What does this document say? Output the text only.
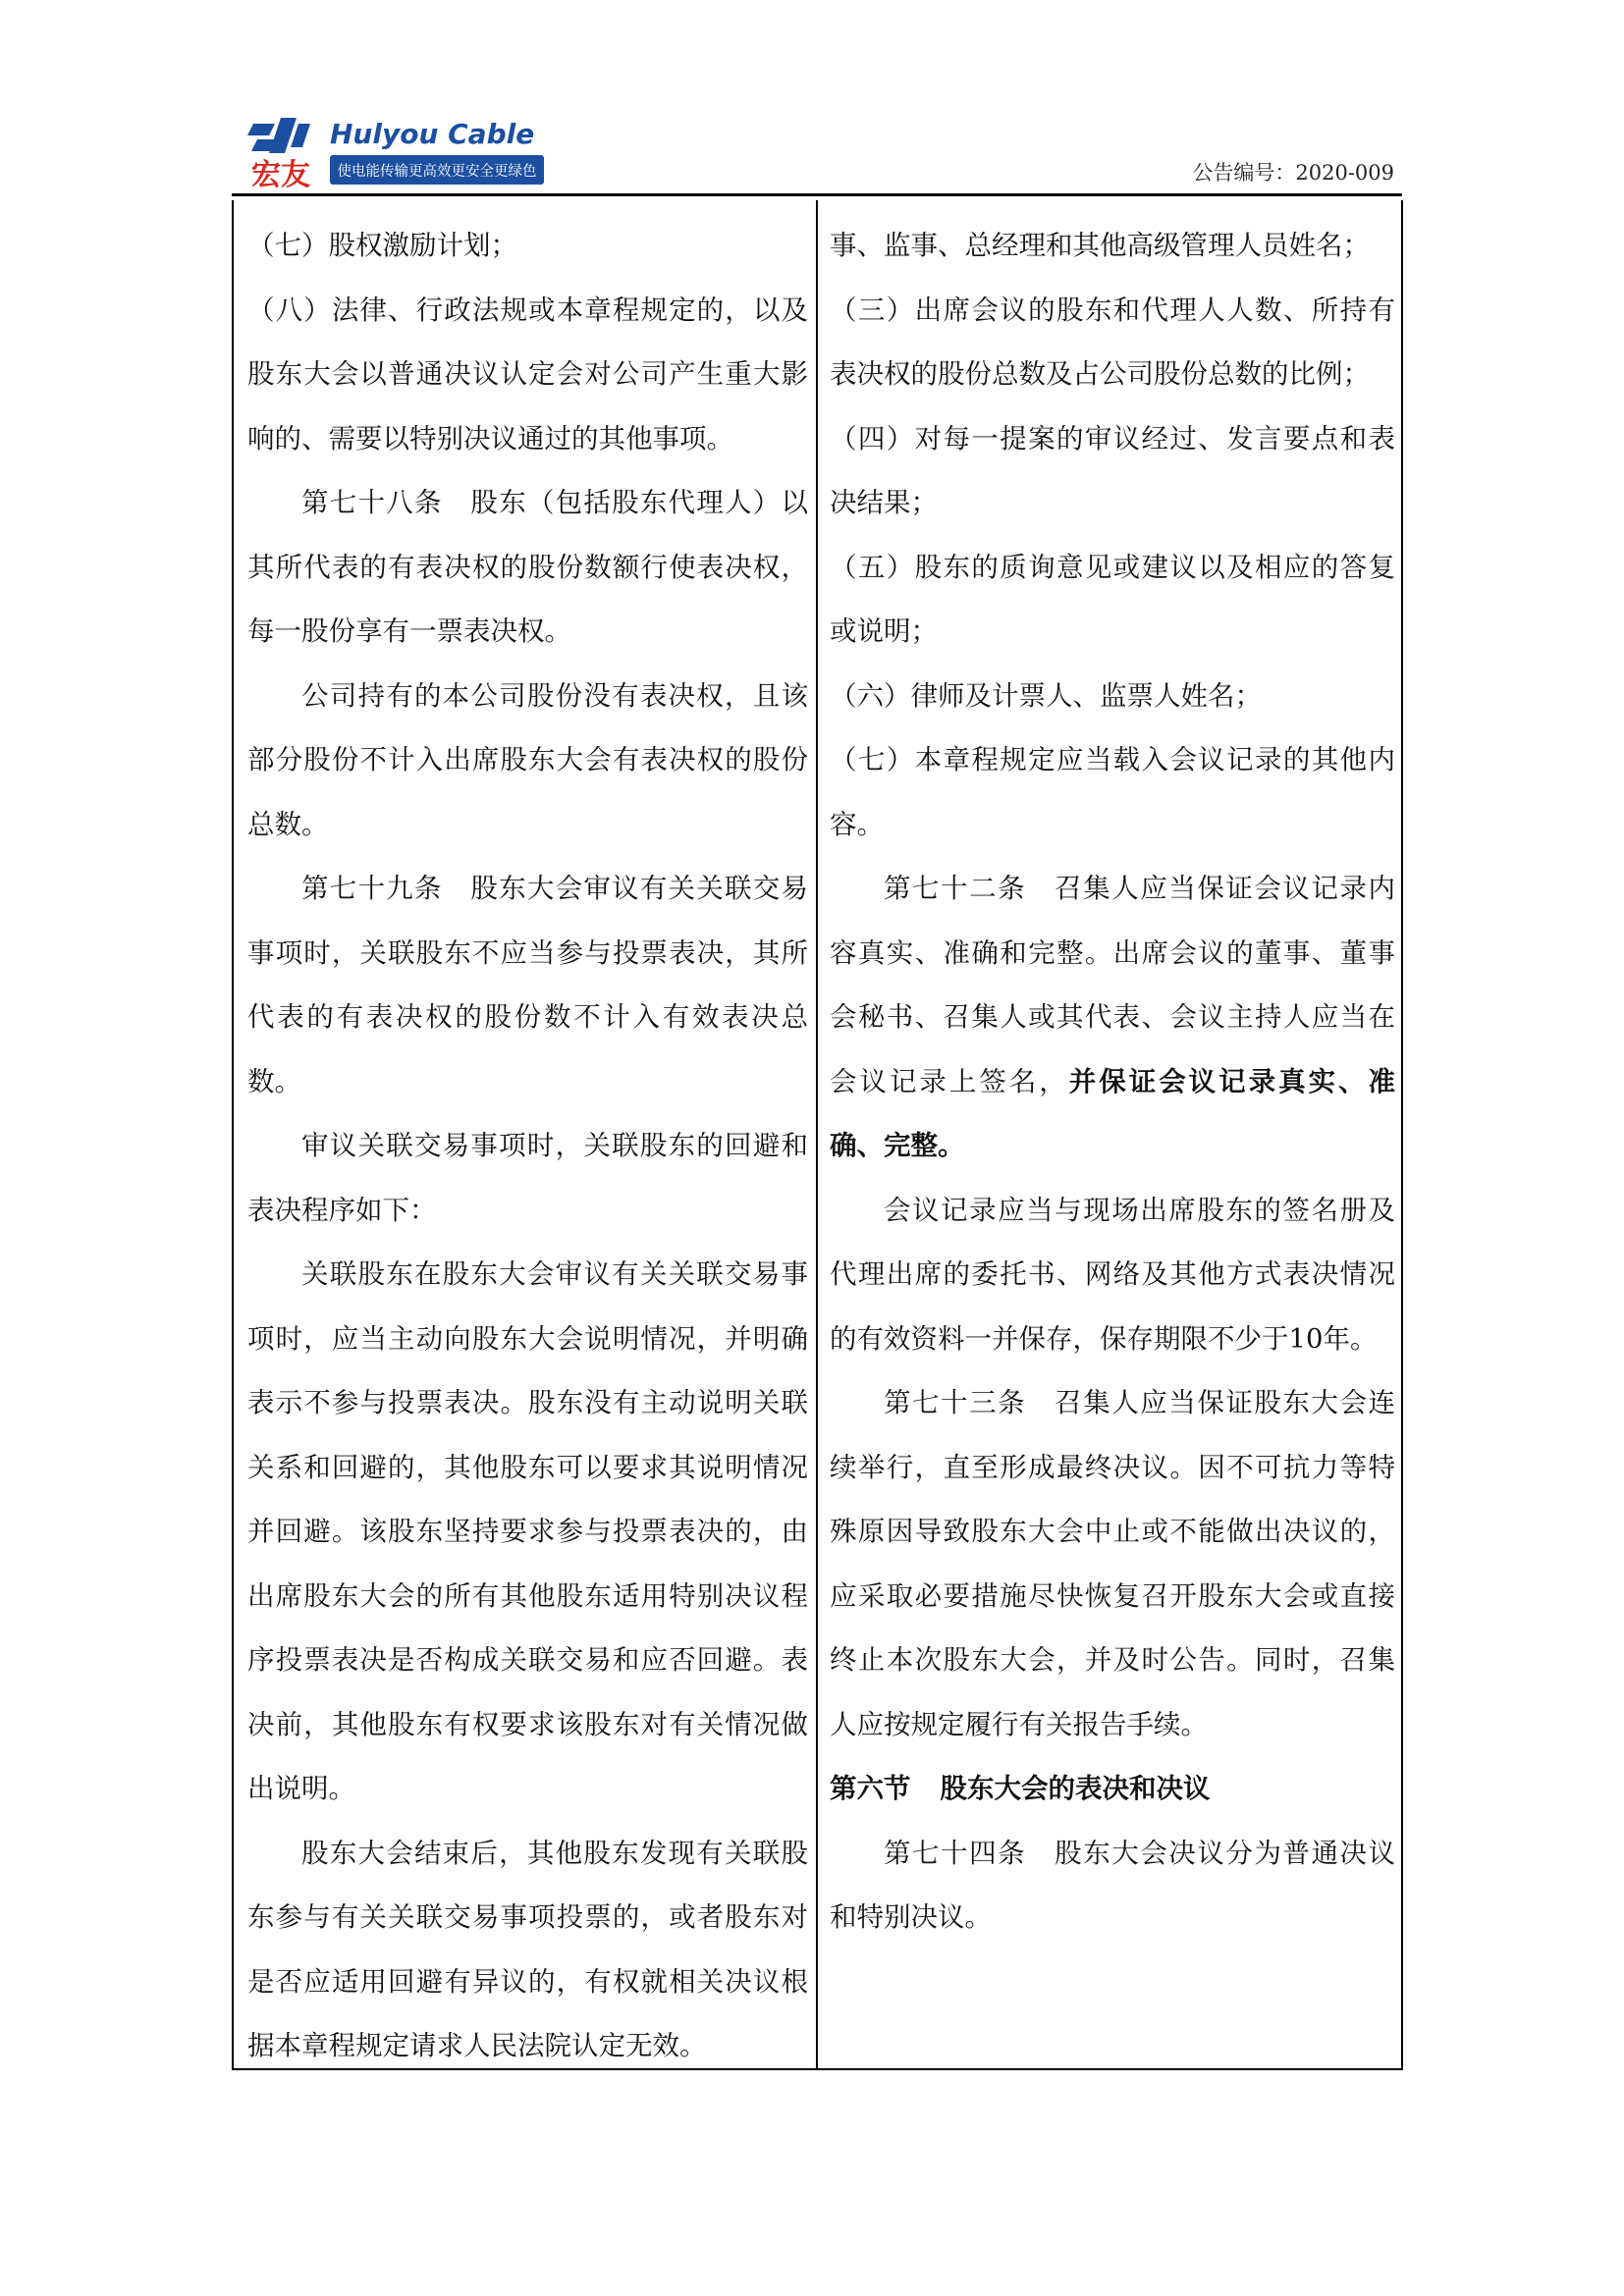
宏友
Hulyou Cable
使电能传输更高效更安全更绿色	公告编号：2020-009

（七）股权激励计划；

（八）法律、行政法规或本章程规定的，以及股东大会以普通决议认定会对公司产生重大影响的、需要以特别决议通过的其他事项。

第七十八条　股东（包括股东代理人）以其所代表的有表决权的股份数额行使表决权，每一股份享有一票表决权。

公司持有的本公司股份没有表决权，且该部分股份不计入出席股东大会有表决权的股份总数。

第七十九条　股东大会审议有关关联交易事项时，关联股东不应当参与投票表决，其所代表的有表决权的股份数不计入有效表决总数。

审议关联交易事项时，关联股东的回避和表决程序如下：

关联股东在股东大会审议有关关联交易事项时，应当主动向股东大会说明情况，并明确表示不参与投票表决。股东没有主动说明关联关系和回避的，其他股东可以要求其说明情况并回避。该股东坚持要求参与投票表决的，由出席股东大会的所有其他股东适用特别决议程序投票表决是否构成关联交易和应否回避。表决前，其他股东有权要求该股东对有关情况做出说明。

股东大会结束后，其他股东发现有关联股东参与有关关联交易事项投票的，或者股东对是否应适用回避有异议的，有权就相关决议根据本章程规定请求人民法院认定无效。

事、监事、总经理和其他高级管理人员姓名；

（三）出席会议的股东和代理人人数、所持有表决权的股份总数及占公司股份总数的比例；

（四）对每一提案的审议经过、发言要点和表决结果；

（五）股东的质询意见或建议以及相应的答复或说明；

（六）律师及计票人、监票人姓名；

（七）本章程规定应当载入会议记录的其他内容。

第七十二条　召集人应当保证会议记录内容真实、准确和完整。出席会议的董事、董事会秘书、召集人或其代表、会议主持人应当在会议记录上签名，并保证会议记录真实、准确、完整。

会议记录应当与现场出席股东的签名册及代理出席的委托书、网络及其他方式表决情况的有效资料一并保存，保存期限不少于10年。

第七十三条　召集人应当保证股东大会连续举行，直至形成最终决议。因不可抗力等特殊原因导致股东大会中止或不能做出决议的，应采取必要措施尽快恢复召开股东大会或直接终止本次股东大会，并及时公告。同时，召集人应按规定履行有关报告手续。

第六节 股东大会的表决和决议

第七十四条　股东大会决议分为普通决议和特别决议。
